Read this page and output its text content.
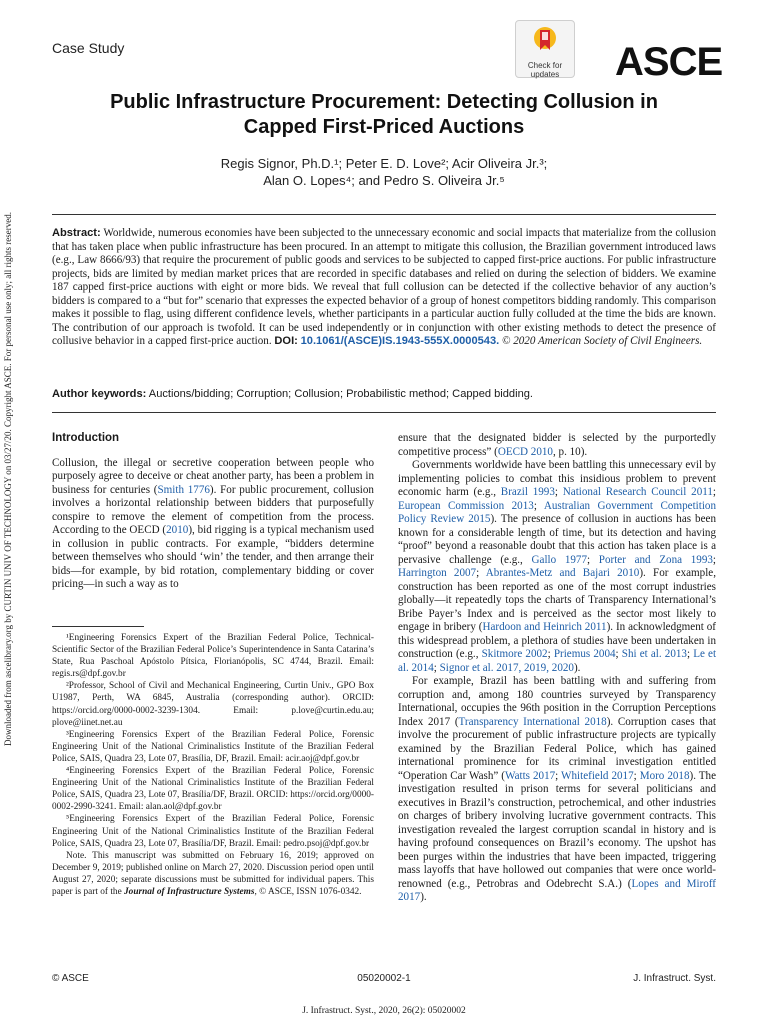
Downloaded from ascelibrary.org by CURTIN UNIV OF TECHNOLOGY on 03/27/20. Copyright ASCE. For personal use only; all rights reserved.
Case Study
Check for
updates	ASCE
Public Infrastructure Procurement: Detecting Collusion in
Capped First-Priced Auctions
Regis Signor, Ph.D.¹; Peter E. D. Love²; Acir Oliveira Jr.³;
Alan O. Lopes⁴; and Pedro S. Oliveira Jr.⁵

Abstract: Worldwide, numerous economies have been subjected to the unnecessary economic and social impacts that materialize from the collusion that has taken place when public infrastructure has been procured. In an attempt to mitigate this collusion, the Brazilian government introduced laws (e.g., Law 8666/93) that require the procurement of public goods and services to be subjected to capped first-price auctions. For public infrastructure projects, bids are limited by median market prices that are recorded in specific databases and relied on during the selection of bidders. We examine 187 capped first-price auctions with eight or more bids. We reveal that full collusion can be detected if the collective behavior of any auction’s bidders is compared to a “but for” scenario that expresses the expected behavior of a group of honest competitors bidding randomly. This comparison makes it possible to flag, using different confidence levels, whether participants in a particular auction fully colluded at the time the bids are known. The contribution of our approach is twofold. It can be used independently or in conjunction with other existing methods to detect the presence of collusive behavior in a capped first-price auction. DOI: 10.1061/(ASCE)IS.1943-555X.0000543. © 2020 American Society of Civil Engineers.

Author keywords: Auctions/bidding; Corruption; Collusion; Probabilistic method; Capped bidding.

Introduction

Collusion, the illegal or secretive cooperation between people who purposely agree to deceive or cheat another party, has been a problem in business for centuries (Smith 1776). For public procurement, collusion involves a horizontal relationship between bidders that purposefully conspire to remove the element of competition from the process. According to the OECD (2010), bid rigging is a typical mechanism used in collusion in public contracts. For example, “bidders determine between themselves who should ‘win’ the tender, and then arrange their bids—for example, by bid rotation, complementary bidding or cover pricing—in such a way as to

¹Engineering Forensics Expert of the Brazilian Federal Police, Technical-Scientific Sector of the Brazilian Federal Police’s Superintendence in Santa Catarina’s State, Rua Paschoal Apóstolo Pítsica, Florianópolis, SC 4744, Brazil. Email: regis.rs@dpf.gov.br

²Professor, School of Civil and Mechanical Engineering, Curtin Univ., GPO Box U1987, Perth, WA 6845, Australia (corresponding author). ORCID: https://orcid.org/0000-0002-3239-1304. Email: p.love@curtin.edu.au; plove@iinet.net.au

³Engineering Forensics Expert of the Brazilian Federal Police, Forensic Engineering Unit of the National Criminalistics Institute of the Brazilian Federal Police, SAIS, Quadra 23, Lote 07, Brasília, DF, Brazil. Email: acir.aoj@dpf.gov.br

⁴Engineering Forensics Expert of the Brazilian Federal Police, Forensic Engineering Unit of the National Criminalistics Institute of the Brazilian Federal Police, SAIS, Quadra 23, Lote 07, Brasília/DF, Brazil. ORCID: https://orcid.org/0000-0002-2990-3241. Email: alan.aol@dpf.gov.br

⁵Engineering Forensics Expert of the Brazilian Federal Police, Forensic Engineering Unit of the National Criminalistics Institute of the Brazilian Federal Police, SAIS, Quadra 23, Lote 07, Brasília/DF, Brazil. Email: pedro.psoj@dpf.gov.br

Note. This manuscript was submitted on February 16, 2019; approved on December 9, 2019; published online on March 27, 2020. Discussion period open until August 27, 2020; separate discussions must be submitted for individual papers. This paper is part of the Journal of Infrastructure Systems, © ASCE, ISSN 1076-0342.

ensure that the designated bidder is selected by the purportedly competitive process” (OECD 2010, p. 10).

Governments worldwide have been battling this unnecessary evil by implementing policies to combat this insidious problem to prevent economic harm (e.g., Brazil 1993; National Research Council 2011; European Commission 2013; Australian Government Competition Policy Review 2015). The presence of collusion in auctions has been known for a considerable length of time, but its detection and having “proof” beyond a reasonable doubt that this action has taken place is a pervasive challenge (e.g., Gallo 1977; Porter and Zona 1993; Harrington 2007; Abrantes-Metz and Bajari 2010). For example, construction has been reported as one of the most corrupt industries globally—it repeatedly tops the charts of Transparency International’s Bribe Payer’s Index and is perceived as the sector most likely to engage in bribery (Hardoon and Heinrich 2011). In acknowledgment of this widespread problem, a plethora of studies have been undertaken in construction (e.g., Skitmore 2002; Priemus 2004; Shi et al. 2013; Le et al. 2014; Signor et al. 2017, 2019, 2020).

For example, Brazil has been battling with and suffering from corruption and, among 180 countries surveyed by Transparency International, occupies the 96th position in the Corruption Perceptions Index 2017 (Transparency International 2018). Corruption cases that involve the procurement of public infrastructure projects are typically examined by the Brazilian Federal Police, which has gained international prominence for its criminal investigation entitled “Operation Car Wash” (Watts 2017; Whitefield 2017; Moro 2018). The investigation resulted in prison terms for several politicians and executives in Brazil’s construction, petrochemical, and other industries on charges of bribery involving lucrative government contracts. This investigation revealed the largest corruption scandal in history and is having profound consequences on Brazil’s economy. The upshot has been purges within the industries that have been impacted, triggering mass layoffs that have hollowed out companies that were once world-renowned (e.g., Petrobras and Odebrecht S.A.) (Lopes and Miroff 2017).

© ASCE	05020002-1	J. Infrastruct. Syst.
J. Infrastruct. Syst., 2020, 26(2): 05020002
